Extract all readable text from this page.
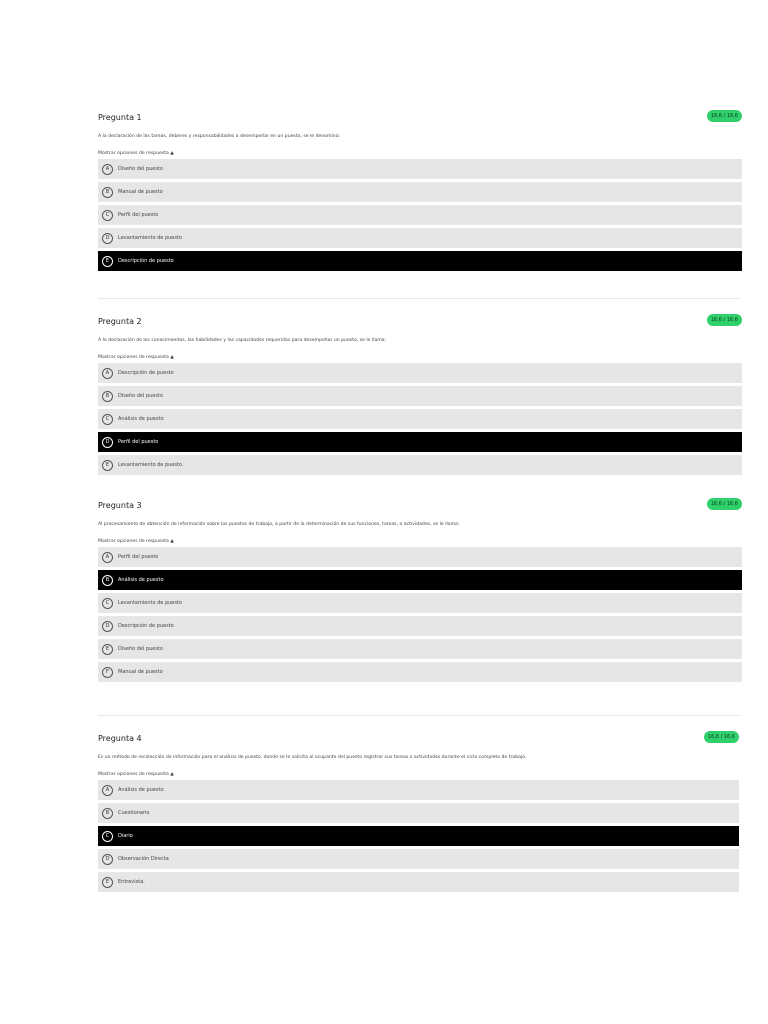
Pregunta 1	16,6 / 16,6
A la declaración de las tareas, deberes y responsabilidades a desempeñar en un puesto, se le denomina:
Mostrar opciones de respuesta ▲
A	Diseño del puesto
B	Manual de puesto
C	Perfil del puesto
D	Levantamiento de puesto
E	Descripción de puesto
Pregunta 2	16,6 / 16,6
A la declaración de los conocimientos, las habilidades y las capacidades requeridas para desempeñar un puesto, se le llama:
Mostrar opciones de respuesta ▲
A	Descripción de puesto
B	Diseño del puesto
C	Análisis de puesto
D	Perfil del puesto
E	Levantamiento de puesto.
Pregunta 3	16,6 / 16,6
Al procesamiento de obtención de información sobre los puestos de trabajo, a partir de la determinación de sus funciones, tareas, o actividades, se le llama:
Mostrar opciones de respuesta ▲
A	Perfil del puesto
B	Análisis de puesto
C	Levantamiento de puesto
D	Descripción de puesto
E	Diseño del puesto
F	Manual de puesto
Pregunta 4	16,6 / 16,6
Es un método de recolección de información para el análisis de puesto, donde se le solicita al ocupante del puesto registrar sus tareas o actividades durante el ciclo completo de trabajo.
Mostrar opciones de respuesta ▲
A	Análisis de puesto
B	Cuestionario
C	Diario
D	Observación Directa
E	Entrevista.
